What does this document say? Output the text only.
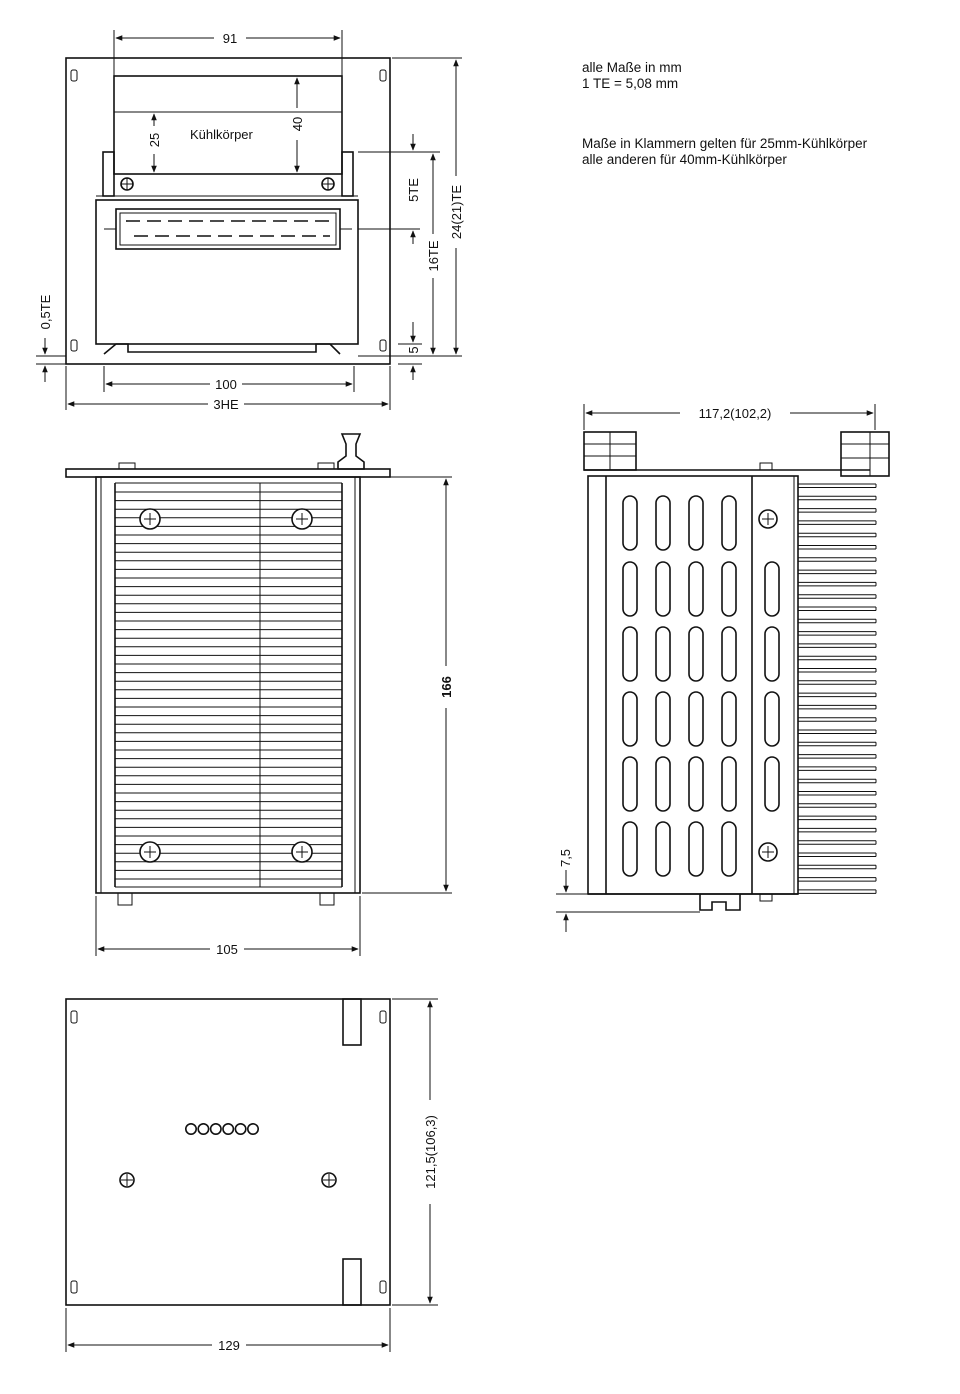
alle Maße in mm
1 TE = 5,08 mm
Maße in Klammern gelten für 25mm-Kühlkörper
alle anderen für 40mm-Kühlkörper
Kühlkörper
91
40
25
5TE
16TE
24(21)TE
5
0,5TE
100
3HE
166
105
117,2(102,2)
7,5
121,5(106,3)
129
